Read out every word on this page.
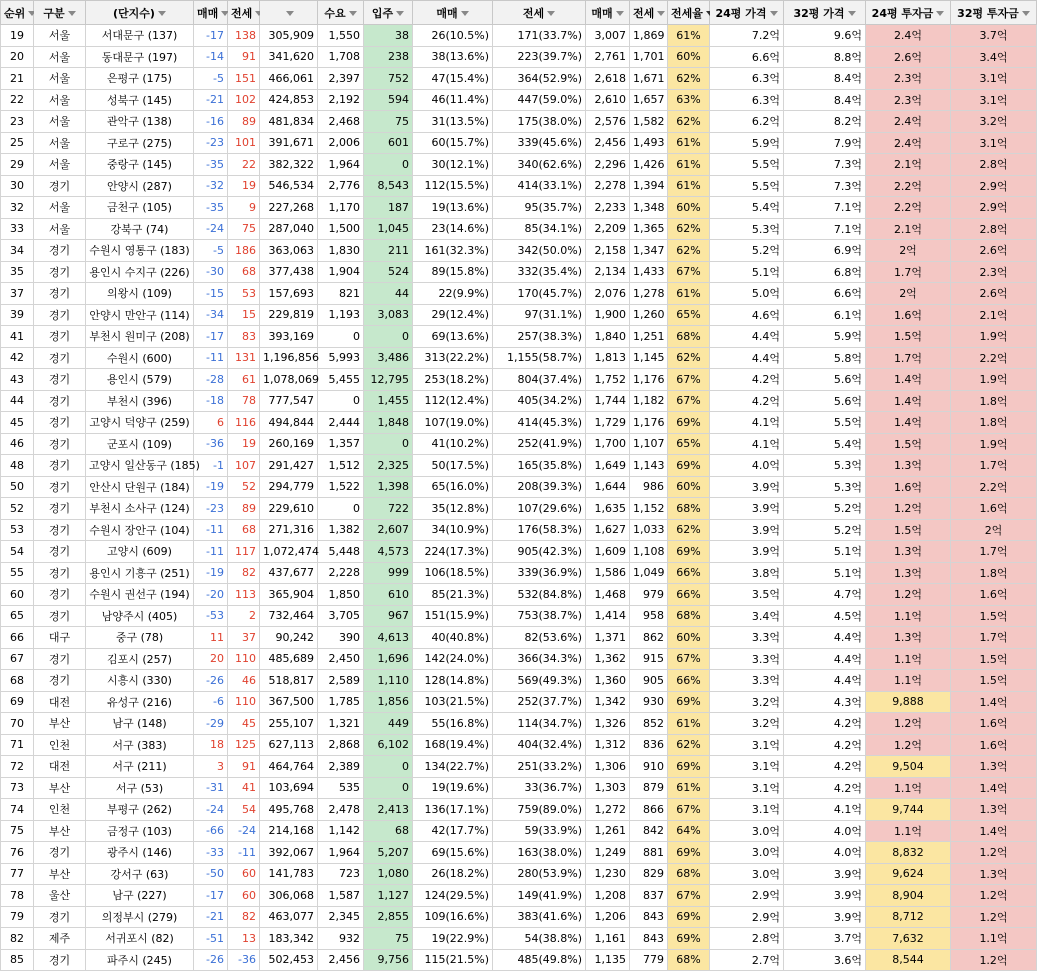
순위	구분	(단지수)	매매	전세		수요	입주	매매	전세	매매	전세	전세율	24평 가격	32평 가격	24평 투자금	32평 투자금
19	서울	서대문구 (137)	-17	138	305,909	1,550	38	26(10.5%)	171(33.7%)	3,007	1,869	61%	7.2억	9.6억	2.4억	3.7억
20	서울	동대문구 (197)	-14	91	341,620	1,708	238	38(13.6%)	223(39.7%)	2,761	1,701	60%	6.6억	8.8억	2.6억	3.4억
21	서울	은평구 (175)	-5	151	466,061	2,397	752	47(15.4%)	364(52.9%)	2,618	1,671	62%	6.3억	8.4억	2.3억	3.1억
22	서울	성북구 (145)	-21	102	424,853	2,192	594	46(11.4%)	447(59.0%)	2,610	1,657	63%	6.3억	8.4억	2.3억	3.1억
23	서울	관악구 (138)	-16	89	481,834	2,468	75	31(13.5%)	175(38.0%)	2,576	1,582	62%	6.2억	8.2억	2.4억	3.2억
25	서울	구로구 (275)	-23	101	391,671	2,006	601	60(15.7%)	339(45.6%)	2,456	1,493	61%	5.9억	7.9억	2.4억	3.1억
29	서울	중랑구 (145)	-35	22	382,322	1,964	0	30(12.1%)	340(62.6%)	2,296	1,426	61%	5.5억	7.3억	2.1억	2.8억
30	경기	안양시 (287)	-32	19	546,534	2,776	8,543	112(15.5%)	414(33.1%)	2,278	1,394	61%	5.5억	7.3억	2.2억	2.9억
32	서울	금천구 (105)	-35	9	227,268	1,170	187	19(13.6%)	95(35.7%)	2,233	1,348	60%	5.4억	7.1억	2.2억	2.9억
33	서울	강북구 (74)	-24	75	287,040	1,500	1,045	23(14.6%)	85(34.1%)	2,209	1,365	62%	5.3억	7.1억	2.1억	2.8억
34	경기	수원시 영통구 (183)	-5	186	363,063	1,830	211	161(32.3%)	342(50.0%)	2,158	1,347	62%	5.2억	6.9억	2억	2.6억
35	경기	용인시 수지구 (226)	-30	68	377,438	1,904	524	89(15.8%)	332(35.4%)	2,134	1,433	67%	5.1억	6.8억	1.7억	2.3억
37	경기	의왕시 (109)	-15	53	157,693	821	44	22(9.9%)	170(45.7%)	2,076	1,278	61%	5.0억	6.6억	2억	2.6억
39	경기	안양시 만안구 (114)	-34	15	229,819	1,193	3,083	29(12.4%)	97(31.1%)	1,900	1,260	65%	4.6억	6.1억	1.6억	2.1억
41	경기	부천시 원미구 (208)	-17	83	393,169	0	0	69(13.6%)	257(38.3%)	1,840	1,251	68%	4.4억	5.9억	1.5억	1.9억
42	경기	수원시 (600)	-11	131	1,196,856	5,993	3,486	313(22.2%)	1,155(58.7%)	1,813	1,145	62%	4.4억	5.8억	1.7억	2.2억
43	경기	용인시 (579)	-28	61	1,078,069	5,455	12,795	253(18.2%)	804(37.4%)	1,752	1,176	67%	4.2억	5.6억	1.4억	1.9억
44	경기	부천시 (396)	-18	78	777,547	0	1,455	112(12.4%)	405(34.2%)	1,744	1,182	67%	4.2억	5.6억	1.4억	1.8억
45	경기	고양시 덕양구 (259)	6	116	494,844	2,444	1,848	107(19.0%)	414(45.3%)	1,729	1,176	69%	4.1억	5.5억	1.4억	1.8억
46	경기	군포시 (109)	-36	19	260,169	1,357	0	41(10.2%)	252(41.9%)	1,700	1,107	65%	4.1억	5.4억	1.5억	1.9억
48	경기	고양시 일산동구 (185)	-1	107	291,427	1,512	2,325	50(17.5%)	165(35.8%)	1,649	1,143	69%	4.0억	5.3억	1.3억	1.7억
50	경기	안산시 단원구 (184)	-19	52	294,779	1,522	1,398	65(16.0%)	208(39.3%)	1,644	986	60%	3.9억	5.3억	1.6억	2.2억
52	경기	부천시 소사구 (124)	-23	89	229,610	0	722	35(12.8%)	107(29.6%)	1,635	1,152	68%	3.9억	5.2억	1.2억	1.6억
53	경기	수원시 장안구 (104)	-11	68	271,316	1,382	2,607	34(10.9%)	176(58.3%)	1,627	1,033	62%	3.9억	5.2억	1.5억	2억
54	경기	고양시 (609)	-11	117	1,072,474	5,448	4,573	224(17.3%)	905(42.3%)	1,609	1,108	69%	3.9억	5.1억	1.3억	1.7억
55	경기	용인시 기흥구 (251)	-19	82	437,677	2,228	999	106(18.5%)	339(36.9%)	1,586	1,049	66%	3.8억	5.1억	1.3억	1.8억
60	경기	수원시 권선구 (194)	-20	113	365,904	1,850	610	85(21.3%)	532(84.8%)	1,468	979	66%	3.5억	4.7억	1.2억	1.6억
65	경기	남양주시 (405)	-53	2	732,464	3,705	967	151(15.9%)	753(38.7%)	1,414	958	68%	3.4억	4.5억	1.1억	1.5억
66	대구	중구 (78)	11	37	90,242	390	4,613	40(40.8%)	82(53.6%)	1,371	862	60%	3.3억	4.4억	1.3억	1.7억
67	경기	김포시 (257)	20	110	485,689	2,450	1,696	142(24.0%)	366(34.3%)	1,362	915	67%	3.3억	4.4억	1.1억	1.5억
68	경기	시흥시 (330)	-26	46	518,817	2,589	1,110	128(14.8%)	569(49.3%)	1,360	905	66%	3.3억	4.4억	1.1억	1.5억
69	대전	유성구 (216)	-6	110	367,500	1,785	1,856	103(21.5%)	252(37.7%)	1,342	930	69%	3.2억	4.3억	9,888	1.4억
70	부산	남구 (148)	-29	45	255,107	1,321	449	55(16.8%)	114(34.7%)	1,326	852	61%	3.2억	4.2억	1.2억	1.6억
71	인천	서구 (383)	18	125	627,113	2,868	6,102	168(19.4%)	404(32.4%)	1,312	836	62%	3.1억	4.2억	1.2억	1.6억
72	대전	서구 (211)	3	91	464,764	2,389	0	134(22.7%)	251(33.2%)	1,306	910	69%	3.1억	4.2억	9,504	1.3억
73	부산	서구 (53)	-31	41	103,694	535	0	19(19.6%)	33(36.7%)	1,303	879	61%	3.1억	4.2억	1.1억	1.4억
74	인천	부평구 (262)	-24	54	495,768	2,478	2,413	136(17.1%)	759(89.0%)	1,272	866	67%	3.1억	4.1억	9,744	1.3억
75	부산	금정구 (103)	-66	-24	214,168	1,142	68	42(17.7%)	59(33.9%)	1,261	842	64%	3.0억	4.0억	1.1억	1.4억
76	경기	광주시 (146)	-33	-11	392,067	1,964	5,207	69(15.6%)	163(38.0%)	1,249	881	69%	3.0억	4.0억	8,832	1.2억
77	부산	강서구 (63)	-50	60	141,783	723	1,080	26(18.2%)	280(53.9%)	1,230	829	68%	3.0억	3.9억	9,624	1.3억
78	울산	남구 (227)	-17	60	306,068	1,587	1,127	124(29.5%)	149(41.9%)	1,208	837	67%	2.9억	3.9억	8,904	1.2억
79	경기	의정부시 (279)	-21	82	463,077	2,345	2,855	109(16.6%)	383(41.6%)	1,206	843	69%	2.9억	3.9억	8,712	1.2억
82	제주	서귀포시 (82)	-51	13	183,342	932	75	19(22.9%)	54(38.8%)	1,161	843	69%	2.8억	3.7억	7,632	1.1억
85	경기	파주시 (245)	-26	-36	502,453	2,456	9,756	115(21.5%)	485(49.8%)	1,135	779	68%	2.7억	3.6억	8,544	1.2억
